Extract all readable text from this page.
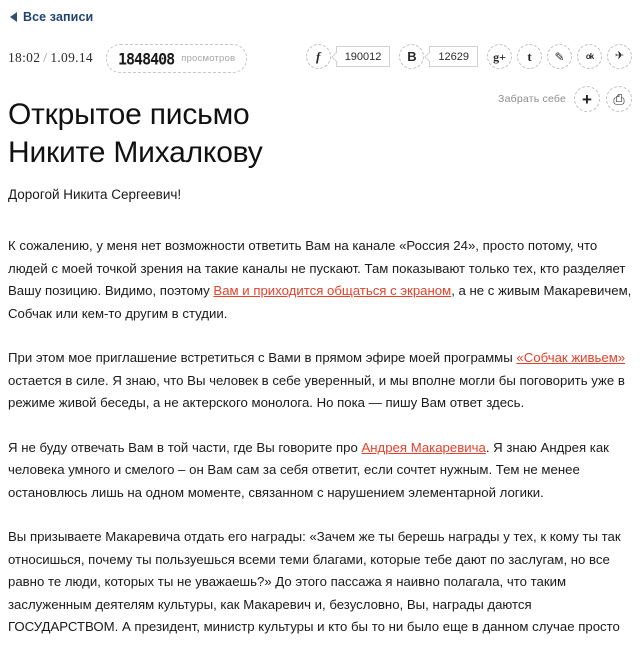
Все записи
18:02 / 1.09.14 1848408 просмотров	f	190012	B	12629	g+ t ✎	ok ✈
Забрать себе + ⎙
Открытое письмо
Никите Михалкову

Дорогой Никита Сергеевич!

К сожалению, у меня нет возможности ответить Вам на канале «Россия 24», просто потому, что людей с моей точкой зрения на такие каналы не пускают. Там показывают только тех, кто разделяет Вашу позицию. Видимо, поэтому Вам и приходится общаться с экраном, а не с живым Макаревичем, Собчак или кем-то другим в студии.

При этом мое приглашение встретиться с Вами в прямом эфире моей программы «Собчак живьем» остается в силе. Я знаю, что Вы человек в себе уверенный, и мы вполне могли бы поговорить уже в режиме живой беседы, а не актерского монолога. Но пока — пишу Вам ответ здесь.

Я не буду отвечать Вам в той части, где Вы говорите про Андрея Макаревича. Я знаю Андрея как человека умного и смелого – он Вам сам за себя ответит, если сочтет нужным. Тем не менее остановлюсь лишь на одном моменте, связанном с нарушением элементарной логики.

Вы призываете Макаревича отдать его награды: «Зачем же ты берешь награды у тех, к кому ты так относишься, почему ты пользуешься всеми теми благами, которые тебе дают по заслугам, но все равно те люди, которых ты не уважаешь?» До этого пассажа я наивно полагала, что таким заслуженным деятелям культуры, как Макаревич и, безусловно, Вы, награды даются ГОСУДАРСТВОМ. А президент, министр культуры и кто бы то ни было еще в данном случае просто
